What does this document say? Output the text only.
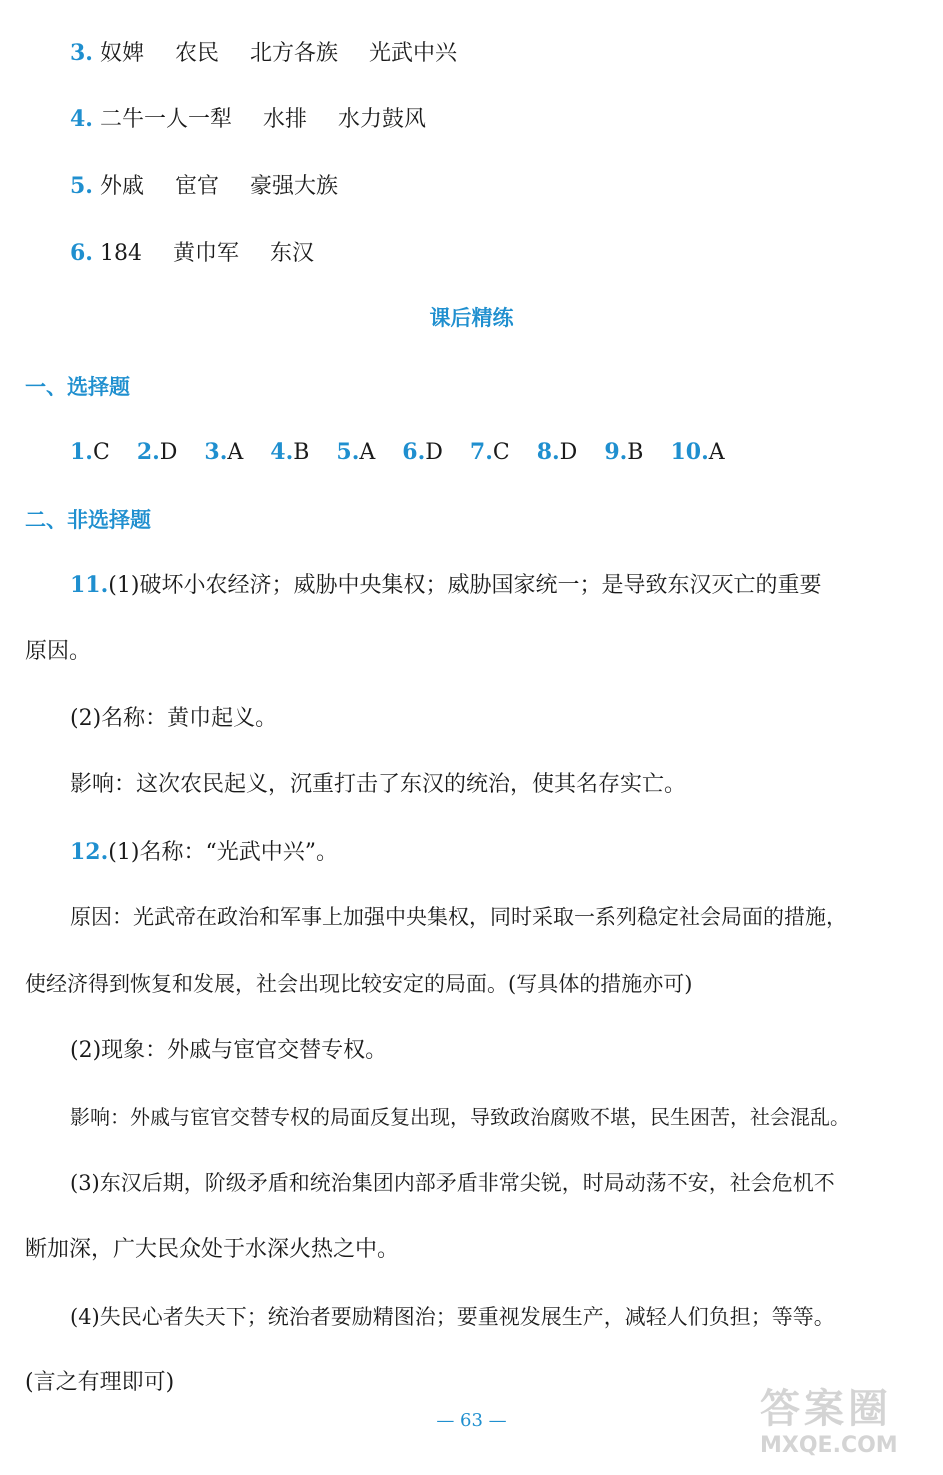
3. 奴婢 农民 北方各族 光武中兴
4. 二牛一人一犁 水排 水力鼓风
5. 外戚 宦官 豪强大族
6. 184 黄巾军 东汉
课后精练
一、选择题
1.C 2.D 3.A 4.B 5.A 6.D 7.C 8.D 9.B 10.A
二、非选择题
11.(1)破坏小农经济；威胁中央集权；威胁国家统一；是导致东汉灭亡的重要
原因。
(2)名称：黄巾起义。
影响：这次农民起义，沉重打击了东汉的统治，使其名存实亡。
12.(1)名称：“光武中兴”。
原因：光武帝在政治和军事上加强中央集权，同时采取一系列稳定社会局面的措施，
使经济得到恢复和发展，社会出现比较安定的局面。(写具体的措施亦可)
(2)现象：外戚与宦官交替专权。
影响：外戚与宦官交替专权的局面反复出现，导致政治腐败不堪，民生困苦，社会混乱。
(3)东汉后期，阶级矛盾和统治集团内部矛盾非常尖锐，时局动荡不安，社会危机不
断加深，广大民众处于水深火热之中。
(4)失民心者失天下；统治者要励精图治；要重视发展生产，减轻人们负担；等等。
(言之有理即可)
— 63 —	答案圈
MXQE.COM
